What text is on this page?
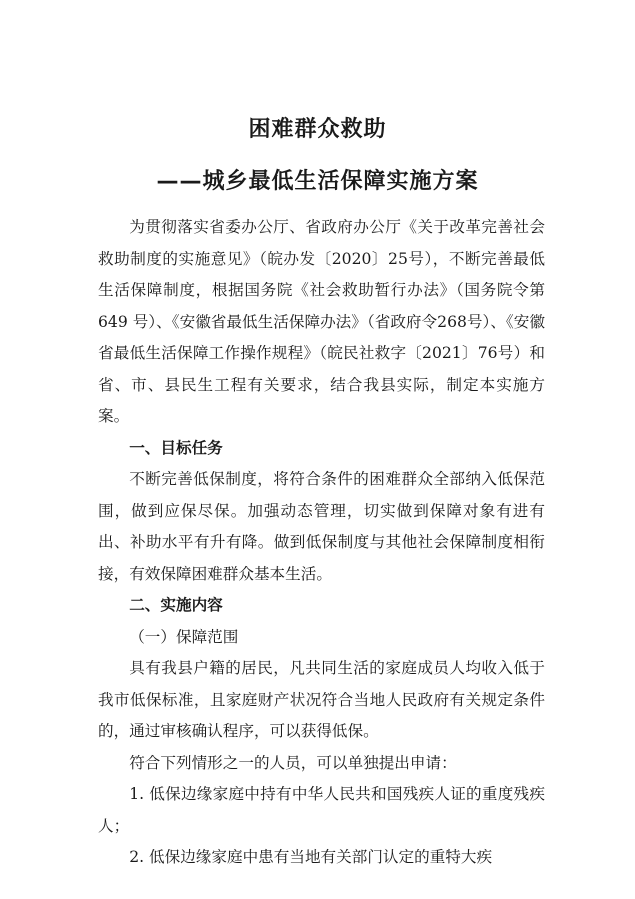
困难群众救助
——城乡最低生活保障实施方案

为贯彻落实省委办公厅、省政府办公厅《关于改革完善社会救助制度的实施意见》（皖办发〔2020〕25号），不断完善最低生活保障制度，根据国务院《社会救助暂行办法》（国务院令第 649 号）、《安徽省最低生活保障办法》（省政府令268号）、《安徽省最低生活保障工作操作规程》（皖民社救字〔2021〕76号）和省、市、县民生工程有关要求，结合我县实际，制定本实施方案。

一、目标任务

不断完善低保制度，将符合条件的困难群众全部纳入低保范围，做到应保尽保。加强动态管理，切实做到保障对象有进有出、补助水平有升有降。做到低保制度与其他社会保障制度相衔接，有效保障困难群众基本生活。

二、实施内容

（一）保障范围

具有我县户籍的居民，凡共同生活的家庭成员人均收入低于我市低保标准，且家庭财产状况符合当地人民政府有关规定条件的，通过审核确认程序，可以获得低保。

符合下列情形之一的人员，可以单独提出申请：

1. 低保边缘家庭中持有中华人民共和国残疾人证的重度残疾人；

2. 低保边缘家庭中患有当地有关部门认定的重特大疾
